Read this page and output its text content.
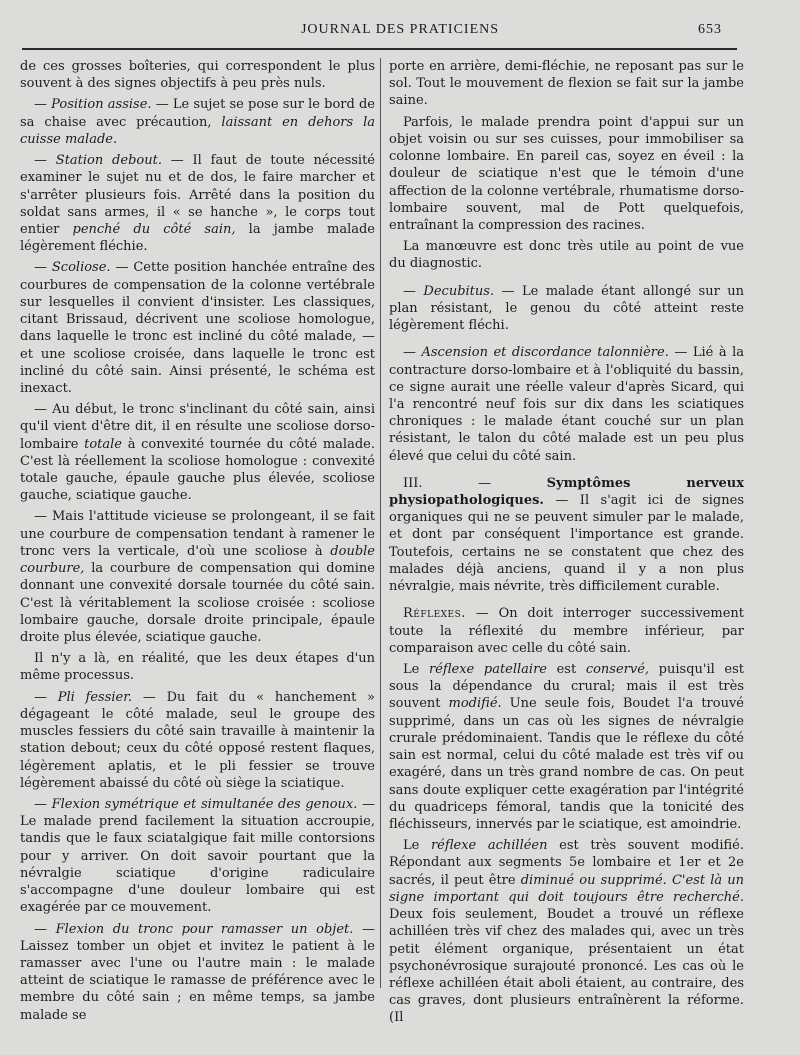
JOURNAL DES PRATICIENS	653

de ces grosses boîteries, qui correspondent le plus souvent à des signes objectifs à peu près nuls.

— Position assise. — Le sujet se pose sur le bord de sa chaise avec précaution, laissant en dehors la cuisse malade.

— Station debout. — Il faut de toute nécessité examiner le sujet nu et de dos, le faire marcher et s'arrêter plusieurs fois. Arrêté dans la position du soldat sans armes, il « se hanche », le corps tout entier penché du côté sain, la jambe malade légèrement fléchie.

— Scoliose. — Cette position hanchée entraîne des courbures de compensation de la colonne vertébrale sur lesquelles il convient d'insister. Les classiques, citant Brissaud, décrivent une scoliose homologue, dans laquelle le tronc est incliné du côté malade, — et une scoliose croisée, dans laquelle le tronc est incliné du côté sain. Ainsi présenté, le schéma est inexact.

— Au début, le tronc s'inclinant du côté sain, ainsi qu'il vient d'être dit, il en résulte une scoliose dorso-lombaire totale à convexité tournée du côté malade. C'est là réellement la scoliose homologue : convexité totale gauche, épaule gauche plus élevée, scoliose gauche, sciatique gauche.

— Mais l'attitude vicieuse se prolongeant, il se fait une courbure de compensation tendant à ramener le tronc vers la verticale, d'où une scoliose à double courbure, la courbure de compensation qui domine donnant une convexité dorsale tournée du côté sain. C'est là véritablement la scoliose croisée : scoliose lombaire gauche, dorsale droite principale, épaule droite plus élevée, sciatique gauche.

Il n'y a là, en réalité, que les deux étapes d'un même processus.

— Pli fessier. — Du fait du « hanchement » dégageant le côté malade, seul le groupe des muscles fessiers du côté sain travaille à maintenir la station debout; ceux du côté opposé restent flaques, légèrement aplatis, et le pli fessier se trouve légèrement abaissé du côté où siège la sciatique.

— Flexion symétrique et simultanée des genoux. — Le malade prend facilement la situation accroupie, tandis que le faux sciatalgique fait mille contorsions pour y arriver. On doit savoir pourtant que la névralgie sciatique d'origine radiculaire s'accompagne d'une douleur lombaire qui est exagérée par ce mouvement.

— Flexion du tronc pour ramasser un objet. — Laissez tomber un objet et invitez le patient à le ramasser avec l'une ou l'autre main : le malade atteint de sciatique le ramasse de préférence avec le membre du côté sain ; en même temps, sa jambe malade se

porte en arrière, demi-fléchie, ne reposant pas sur le sol. Tout le mouvement de flexion se fait sur la jambe saine.

Parfois, le malade prendra point d'appui sur un objet voisin ou sur ses cuisses, pour immobiliser sa colonne lombaire. En pareil cas, soyez en éveil : la douleur de sciatique n'est que le témoin d'une affection de la colonne vertébrale, rhumatisme dorso-lombaire souvent, mal de Pott quelquefois, entraînant la compression des racines.

La manœuvre est donc très utile au point de vue du diagnostic.

— Decubitus. — Le malade étant allongé sur un plan résistant, le genou du côté atteint reste légèrement fléchi.

— Ascension et discordance talonnière. — Lié à la contracture dorso-lombaire et à l'obliquité du bassin, ce signe aurait une réelle valeur d'après Sicard, qui l'a rencontré neuf fois sur dix dans les sciatiques chroniques : le malade étant couché sur un plan résistant, le talon du côté malade est un peu plus élevé que celui du côté sain.

III. — Symptômes nerveux physiopathologiques. — Il s'agit ici de signes organiques qui ne se peuvent simuler par le malade, et dont par conséquent l'importance est grande. Toutefois, certains ne se constatent que chez des malades déjà anciens, quand il y a non plus névralgie, mais névrite, très difficilement curable.

Réflexes. — On doit interroger successivement toute la réflexité du membre inférieur, par comparaison avec celle du côté sain.

Le réflexe patellaire est conservé, puisqu'il est sous la dépendance du crural; mais il est très souvent modifié. Une seule fois, Boudet l'a trouvé supprimé, dans un cas où les signes de névralgie crurale prédominaient. Tandis que le réflexe du côté sain est normal, celui du côté malade est très vif ou exagéré, dans un très grand nombre de cas. On peut sans doute expliquer cette exagération par l'intégrité du quadriceps fémoral, tandis que la tonicité des fléchisseurs, innervés par le sciatique, est amoindrie.

Le réflexe achilléen est très souvent modifié. Répondant aux segments 5e lombaire et 1er et 2e sacrés, il peut être diminué ou supprimé. C'est là un signe important qui doit toujours être recherché. Deux fois seulement, Boudet a trouvé un réflexe achilléen très vif chez des malades qui, avec un très petit élément organique, présentaient un état psychonévrosique surajouté prononcé. Les cas où le réflexe achilléen était aboli étaient, au contraire, des cas graves, dont plusieurs entraînèrent la réforme. (Il
